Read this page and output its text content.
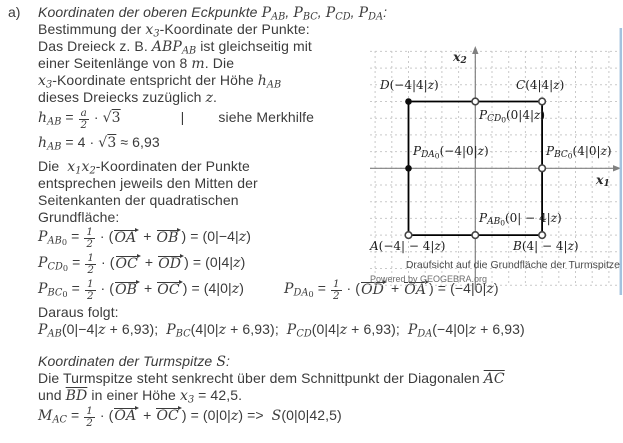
a) Koordinaten der oberen Eckpunkte PAB, PBC, PCD, PDA:
Bestimmung der x3-Koordinate der Punkte:
Das Dreieck z. B. ABPAB ist gleichseitig mit
einer Seitenlänge von 8 m. Die
x3-Koordinate entspricht der Höhe hAB
dieses Dreiecks zuzüglich z.
hAB = $\frac{a}{2} \cdot √3$	| siehe Merkhilfe
hAB = 4 · √3 ≈ 6,93
Die  x1x2-Koordinaten der Punkte
entsprechen jeweils den Mitten der
Seitenkanten der quadratischen
Grundfläche:
$PAB_0 = \frac{1}{2} \cdot (OA$ + OB ) = (0|−4|z)
$PCD_0 = \frac{1}{2} \cdot (OC$ + OD ) = (0|4|z)
$PBC_0 = \frac{1}{2} \cdot (OB$ + OC ) = (4|0|z)	$PDA_0 = \frac{1}{2} \cdot (OD$ + OA ) = (−4|0|z)
Daraus folgt:
PAB(0|−4|z + 6,93);  PBC(4|0|z + 6,93);  PCD(0|4|z + 6,93);  PDA(−4|0|z + 6,93)
Koordinaten der Turmspitze S:
Die Turmspitze steht senkrecht über dem Schnittpunkt der Diagonalen $\overline{AC}$
und $\overline{BD}$ in einer Höhe x3 = 42,5.
MAC = $\frac{1}{2} \cdot (OA$ + OC ) = (0|0|z) =>  S(0|0|42,5)
x2
x1
D(−4|4|z)	C(4|4|z)
$PCD_0(0|4|z)$
$PDA_0(-4|0|z)$	$PBC_0(4|0|z)$
$PAB_0(0| - 4|z)$
A(−4| − 4|z)	B(4| − 4|z)
Draufsicht auf die Grundfläche der Turmspitze
Powered by GEOGEBRA.org
